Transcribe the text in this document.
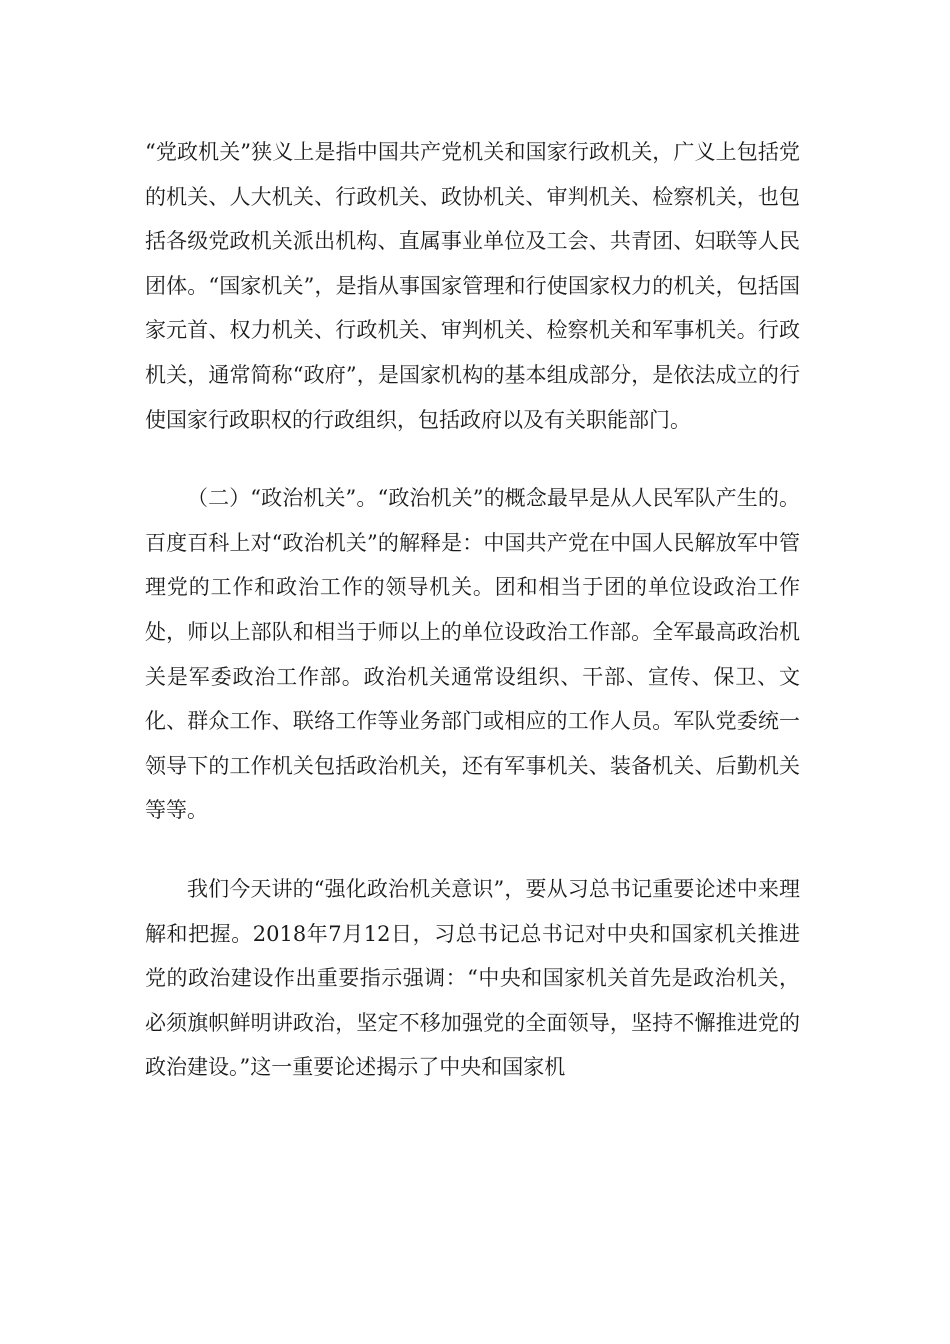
“党政机关”狭义上是指中国共产党机关和国家行政机关，广义上包括党的机关、人大机关、行政机关、政协机关、审判机关、检察机关，也包括各级党政机关派出机构、直属事业单位及工会、共青团、妇联等人民团体。“国家机关”，是指从事国家管理和行使国家权力的机关，包括国家元首、权力机关、行政机关、审判机关、检察机关和军事机关。行政机关，通常简称“政府”，是国家机构的基本组成部分，是依法成立的行使国家行政职权的行政组织，包括政府以及有关职能部门。

（二）“政治机关”。“政治机关”的概念最早是从人民军队产生的。百度百科上对“政治机关”的解释是：中国共产党在中国人民解放军中管理党的工作和政治工作的领导机关。团和相当于团的单位设政治工作处，师以上部队和相当于师以上的单位设政治工作部。全军最高政治机关是军委政治工作部。政治机关通常设组织、干部、宣传、保卫、文化、群众工作、联络工作等业务部门或相应的工作人员。军队党委统一领导下的工作机关包括政治机关，还有军事机关、装备机关、后勤机关等等。

我们今天讲的“强化政治机关意识”，要从习总书记重要论述中来理解和把握。2018年7月12日，习总书记总书记对中央和国家机关推进党的政治建设作出重要指示强调：“中央和国家机关首先是政治机关，必须旗帜鲜明讲政治，坚定不移加强党的全面领导，坚持不懈推进党的政治建设。”这一重要论述揭示了中央和国家机
